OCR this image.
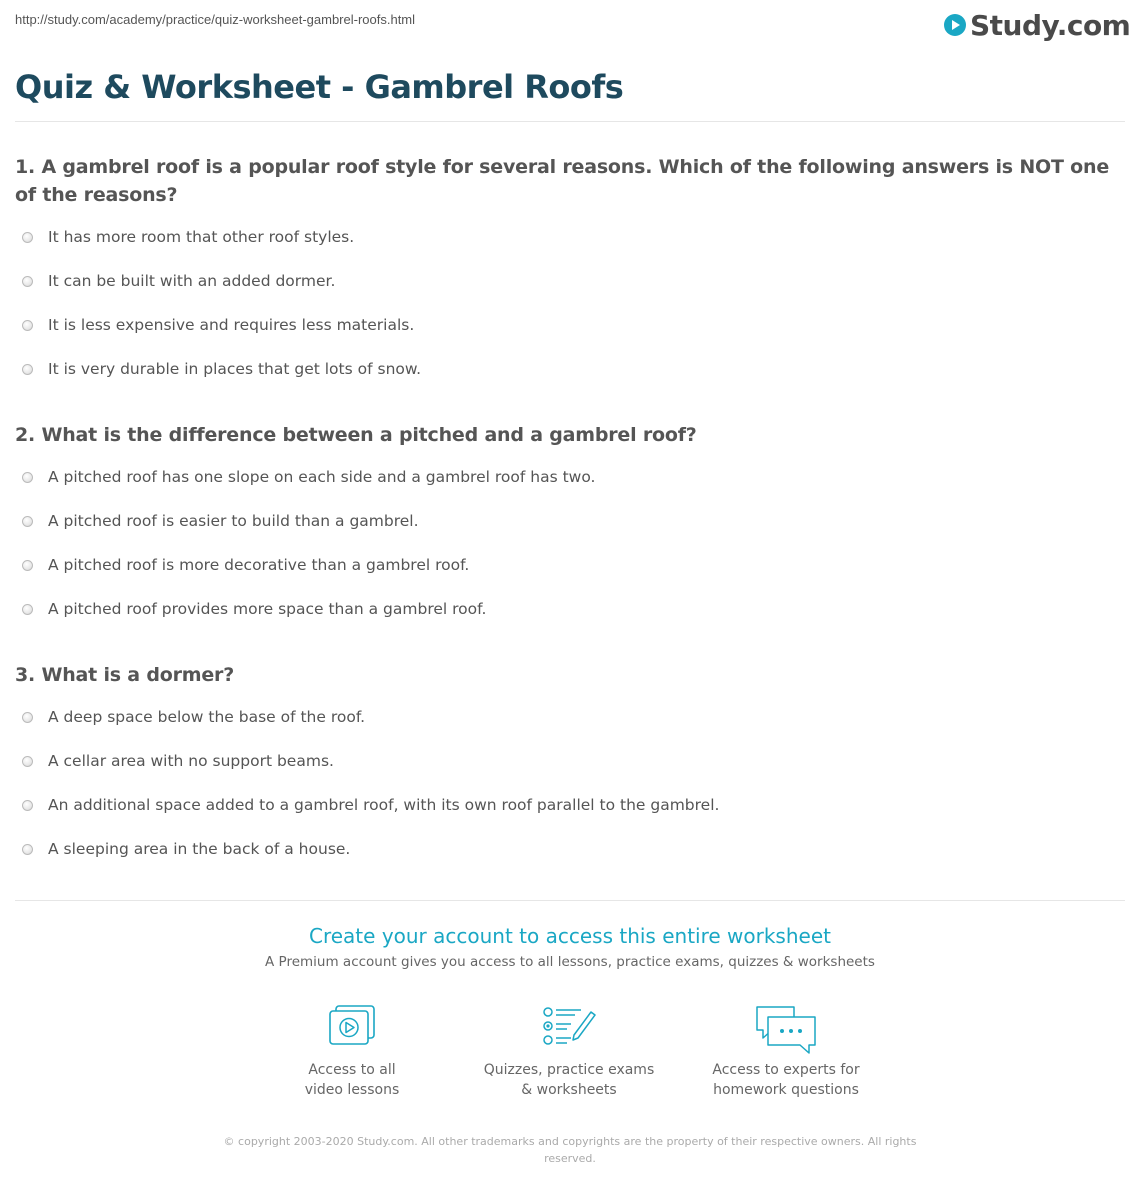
http://study.com/academy/practice/quiz-worksheet-gambrel-roofs.html	Study.com
Quiz & Worksheet - Gambrel Roofs
1. A gambrel roof is a popular roof style for several reasons. Which of the following answers is NOT one of the reasons?
It has more room that other roof styles.
It can be built with an added dormer.
It is less expensive and requires less materials.
It is very durable in places that get lots of snow.
2. What is the difference between a pitched and a gambrel roof?
A pitched roof has one slope on each side and a gambrel roof has two.
A pitched roof is easier to build than a gambrel.
A pitched roof is more decorative than a gambrel roof.
A pitched roof provides more space than a gambrel roof.
3. What is a dormer?
A deep space below the base of the roof.
A cellar area with no support beams.
An additional space added to a gambrel roof, with its own roof parallel to the gambrel.
A sleeping area in the back of a house.
Create your account to access this entire worksheet
A Premium account gives you access to all lessons, practice exams, quizzes & worksheets
Access to all
video lessons
Quizzes, practice exams
& worksheets
Access to experts for
homework questions
© copyright 2003-2020 Study.com. All other trademarks and copyrights are the property of their respective owners. All rights
reserved.
